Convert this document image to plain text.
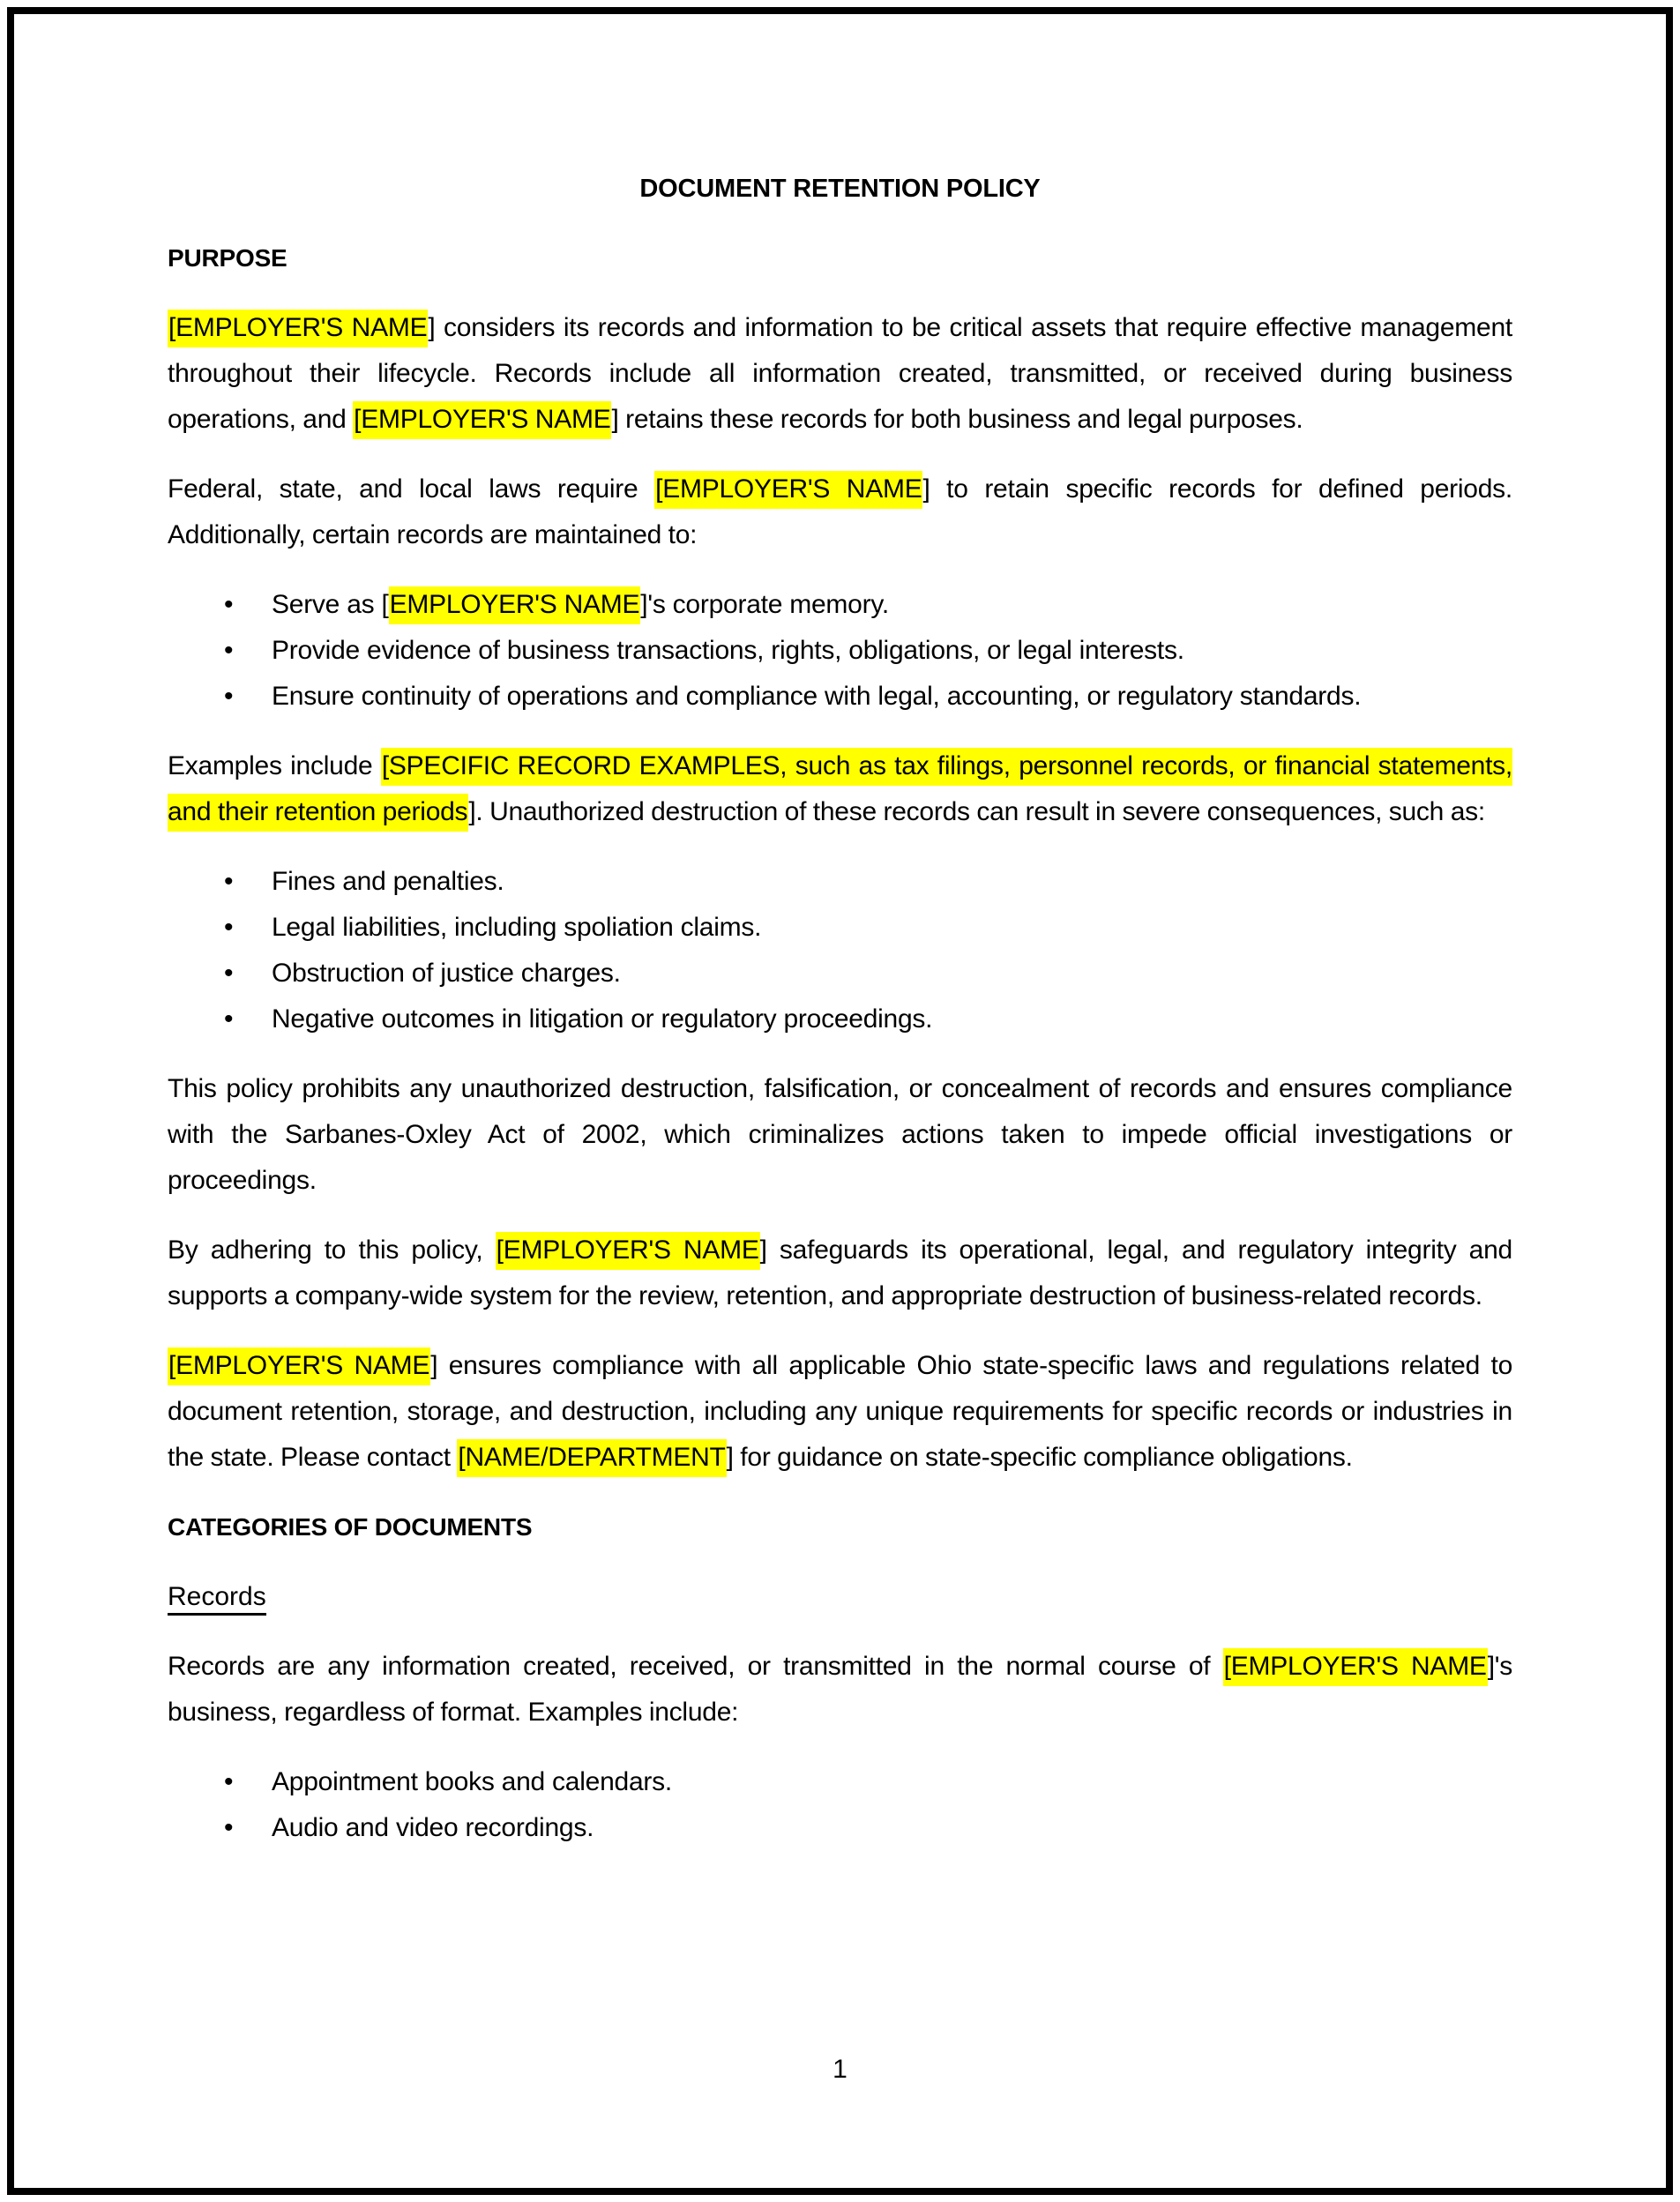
DOCUMENT RETENTION POLICY
PURPOSE

[EMPLOYER'S NAME] considers its records and information to be critical assets that require effective management throughout their lifecycle. Records include all information created, transmitted, or received during business operations, and [EMPLOYER'S NAME] retains these records for both business and legal purposes.

Federal, state, and local laws require [EMPLOYER'S NAME] to retain specific records for defined periods. Additionally, certain records are maintained to:

• Serve as [EMPLOYER'S NAME]'s corporate memory.
• Provide evidence of business transactions, rights, obligations, or legal interests.
• Ensure continuity of operations and compliance with legal, accounting, or regulatory standards.

Examples include [SPECIFIC RECORD EXAMPLES, such as tax filings, personnel records, or financial statements, and their retention periods]. Unauthorized destruction of these records can result in severe consequences, such as:

• Fines and penalties.
• Legal liabilities, including spoliation claims.
• Obstruction of justice charges.
• Negative outcomes in litigation or regulatory proceedings.

This policy prohibits any unauthorized destruction, falsification, or concealment of records and ensures compliance with the Sarbanes-Oxley Act of 2002, which criminalizes actions taken to impede official investigations or proceedings.

By adhering to this policy, [EMPLOYER'S NAME] safeguards its operational, legal, and regulatory integrity and supports a company-wide system for the review, retention, and appropriate destruction of business-related records.

[EMPLOYER'S NAME] ensures compliance with all applicable Ohio state-specific laws and regulations related to document retention, storage, and destruction, including any unique requirements for specific records or industries in the state. Please contact [NAME/DEPARTMENT] for guidance on state-specific compliance obligations.

CATEGORIES OF DOCUMENTS
Records

Records are any information created, received, or transmitted in the normal course of [EMPLOYER'S NAME]'s business, regardless of format. Examples include:

• Appointment books and calendars.
• Audio and video recordings.
1
